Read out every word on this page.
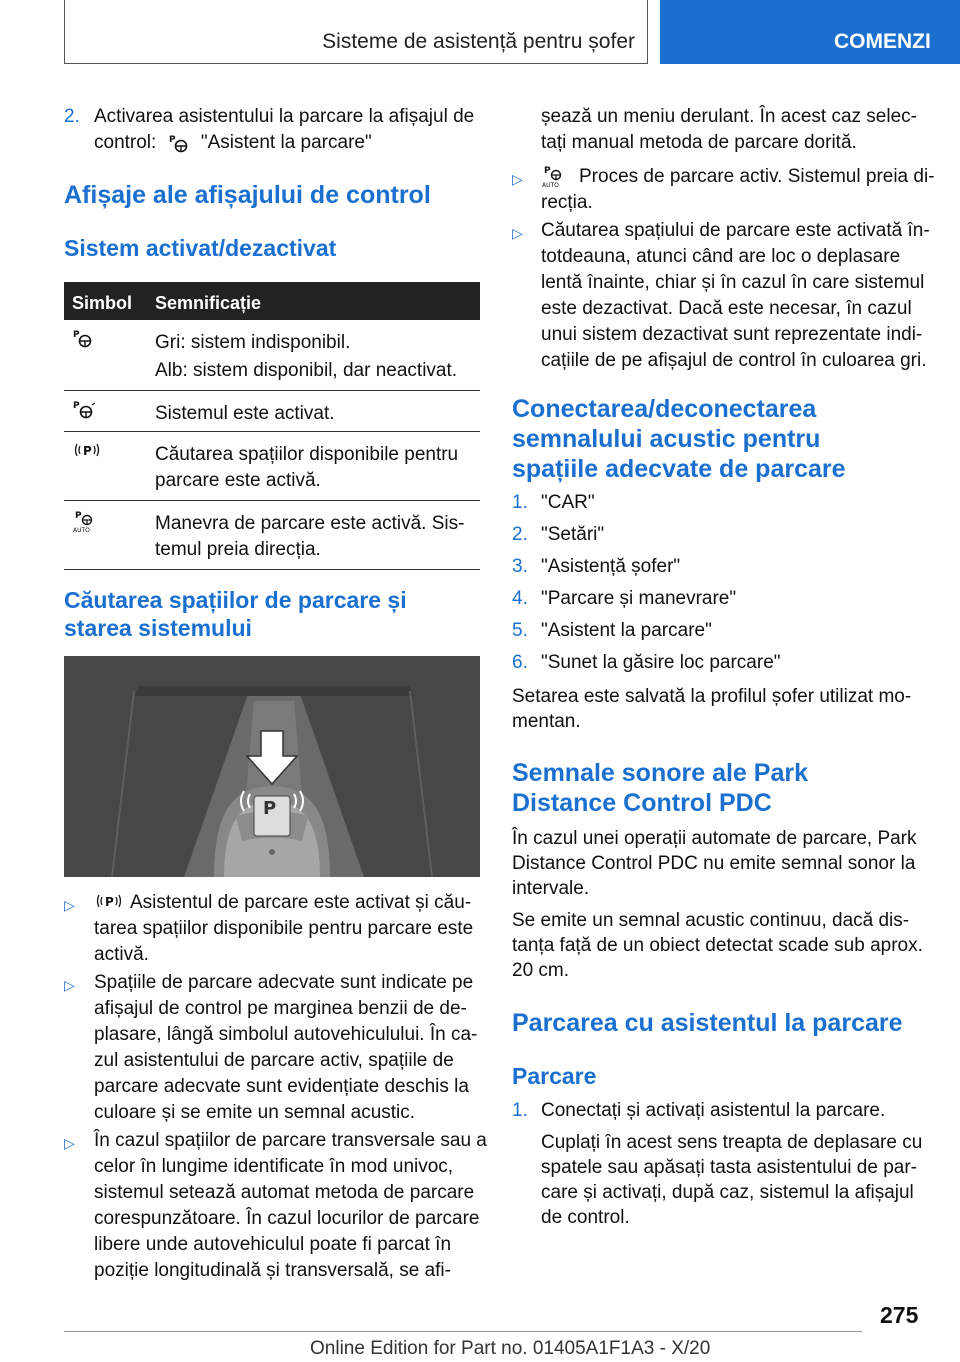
Sisteme de asistență pentru șofer	COMENZI
2. Activarea asistentului la parcare la afișajul de
control: P "Asistent la parcare"
Afișaje ale afișajului de control
Sistem activat/dezactivat
Simbol Semnificație
P	Gri: sistem indisponibil.
Alb: sistem disponibil, dar neactivat.
P	Sistemul este activat.
P	Căutarea spațiilor disponibile pentru
parcare este activă.
P
AUTO	Manevra de parcare este activă. Sis-
temul preia direcția.
Căutarea spațiilor de parcare și
starea sistemului
P
▷	P Asistentul de parcare este activat și cău-
tarea spațiilor disponibile pentru parcare este
activă.
▷ Spațiile de parcare adecvate sunt indicate pe
afișajul de control pe marginea benzii de de-
plasare, lângă simbolul autovehiculului. În ca-
zul asistentului de parcare activ, spațiile de
parcare adecvate sunt evidențiate deschis la
culoare și se emite un semnal acustic.
▷ În cazul spațiilor de parcare transversale sau a
celor în lungime identificate în mod univoc,
sistemul setează automat metoda de parcare
corespunzătoare. În cazul locurilor de parcare
libere unde autovehiculul poate fi parcat în
poziție longitudinală și transversală, se afi-
șează un meniu derulant. În acest caz selec-
tați manual metoda de parcare dorită.
▷ P
AUTO Proces de parcare activ. Sistemul preia di-
recția.
▷ Căutarea spațiului de parcare este activată în-
totdeauna, atunci când are loc o deplasare
lentă înainte, chiar și în cazul în care sistemul
este dezactivat. Dacă este necesar, în cazul
unui sistem dezactivat sunt reprezentate indi-
cațiile de pe afișajul de control în culoarea gri.
Conectarea/deconectarea
semnalului acustic pentru
spațiile adecvate de parcare
1. "CAR"
2. "Setări"
3. "Asistență șofer"
4. "Parcare și manevrare"
5. "Asistent la parcare"
6. "Sunet la găsire loc parcare"
Setarea este salvată la profilul șofer utilizat mo-
mentan.
Semnale sonore ale Park
Distance Control PDC
În cazul unei operații automate de parcare, Park
Distance Control PDC nu emite semnal sonor la
intervale.
Se emite un semnal acustic continuu, dacă dis-
tanța față de un obiect detectat scade sub aprox.
20 cm.
Parcarea cu asistentul la parcare
Parcare
1. Conectați și activați asistentul la parcare.
Cuplați în acest sens treapta de deplasare cu
spatele sau apăsați tasta asistentului de par-
care și activați, după caz, sistemul la afișajul
de control.
275
Online Edition for Part no. 01405A1F1A3 - X/20
